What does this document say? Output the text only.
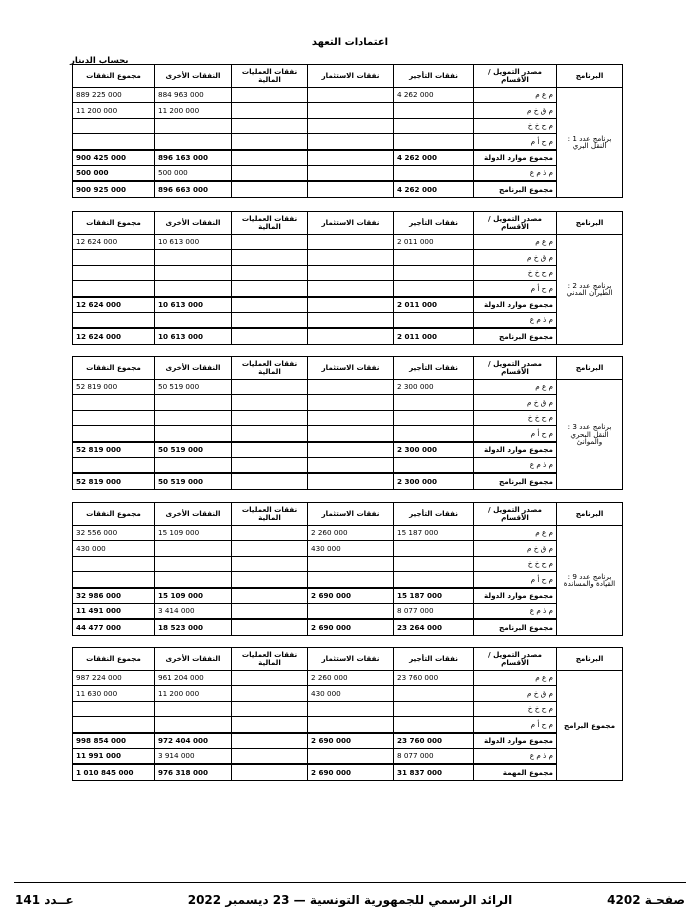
اعتمادات التعهد
بحساب الدينار
البرنامج	مصدر التمويل / الأقسام	نفقات التأجير	نفقات الاستثمار	نفقات العمليات المالية	النفقات الأخرى	مجموع النفقات
برنامج عدد 1 : النقل البري	م ع م	4 262 000			884 963 000	889 225 000
	م ق خ م				11 200 000	11 200 000
	م ح خ خ					
	م ح أ م					
	مجموع موارد الدولة	4 262 000			896 163 000	900 425 000
	م ذ م ع				500 000	500 000
	مجموع البرنامج	4 262 000			896 663 000	900 925 000
البرنامج	مصدر التمويل / الأقسام	نفقات التأجير	نفقات الاستثمار	نفقات العمليات المالية	النفقات الأخرى	مجموع النفقات
برنامج عدد 2 : الطيران المدني	م ع م	2 011 000			10 613 000	12 624 000
	م ق خ م					
	م ح خ خ					
	م ح أ م					
	مجموع موارد الدولة	2 011 000			10 613 000	12 624 000
	م ذ م ع					
	مجموع البرنامج	2 011 000			10 613 000	12 624 000
البرنامج	مصدر التمويل / الأقسام	نفقات التأجير	نفقات الاستثمار	نفقات العمليات المالية	النفقات الأخرى	مجموع النفقات
برنامج عدد 3 : النقل البحري والموانئ	م ع م	2 300 000			50 519 000	52 819 000
	م ق خ م					
	م ح خ خ					
	م ح أ م					
	مجموع موارد الدولة	2 300 000			50 519 000	52 819 000
	م ذ م ع					
	مجموع البرنامج	2 300 000			50 519 000	52 819 000
البرنامج	مصدر التمويل / الأقسام	نفقات التأجير	نفقات الاستثمار	نفقات العمليات المالية	النفقات الأخرى	مجموع النفقات
برنامج عدد 9 : القيادة والمساندة	م ع م	15 187 000	2 260 000		15 109 000	32 556 000
	م ق خ م		430 000			430 000
	م ح خ خ					
	م ح أ م					
	مجموع موارد الدولة	15 187 000	2 690 000		15 109 000	32 986 000
	م ذ م ع	8 077 000			3 414 000	11 491 000
	مجموع البرنامج	23 264 000	2 690 000		18 523 000	44 477 000
البرنامج	مصدر التمويل / الأقسام	نفقات التأجير	نفقات الاستثمار	نفقات العمليات المالية	النفقات الأخرى	مجموع النفقات
مجموع البرامج	م ع م	23 760 000	2 260 000		961 204 000	987 224 000
	م ق خ م		430 000		11 200 000	11 630 000
	م ح خ خ					
	م ح أ م					
	مجموع موارد الدولة	23 760 000	2 690 000		972 404 000	998 854 000
	م ذ م ع	8 077 000			3 914 000	11 991 000
	مجموع المهمة	31 837 000	2 690 000		976 318 000	1 010 845 000
صفحـة 4202
الرائد الرسمي للجمهورية التونسية — 23 ديسمبر 2022
عــدد 141
